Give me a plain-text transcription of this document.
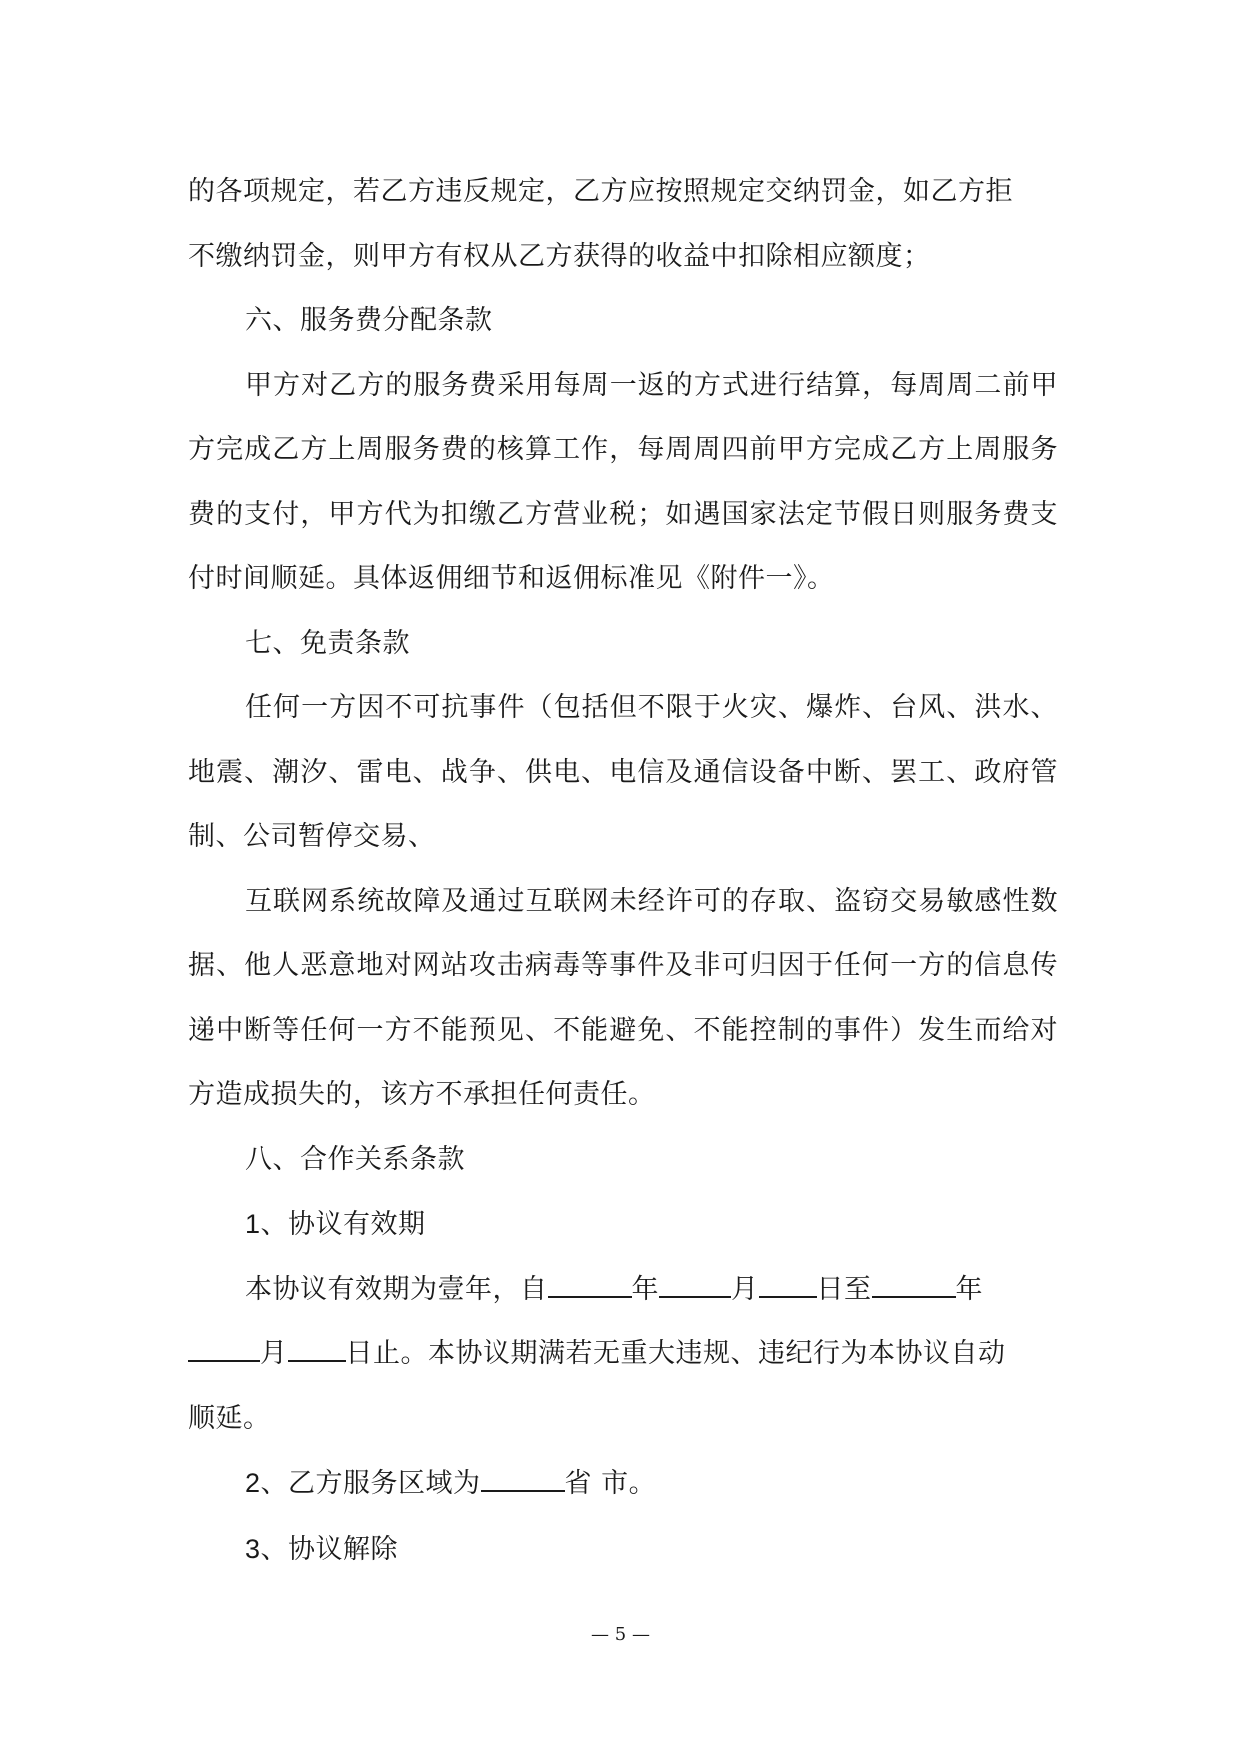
的各项规定，若乙方违反规定，乙方应按照规定交纳罚金，如乙方拒
不缴纳罚金，则甲方有权从乙方获得的收益中扣除相应额度；

六、服务费分配条款

甲方对乙方的服务费采用每周一返的方式进行结算，每周周二前甲方完成乙方上周服务费的核算工作，每周周四前甲方完成乙方上周服务费的支付，甲方代为扣缴乙方营业税；如遇国家法定节假日则服务费支付时间顺延。具体返佣细节和返佣标准见《附件一》。

七、免责条款

任何一方因不可抗事件（包括但不限于火灾、爆炸、台风、洪水、地震、潮汐、雷电、战争、供电、电信及通信设备中断、罢工、政府管制、公司暂停交易、

互联网系统故障及通过互联网未经许可的存取、盗窃交易敏感性数据、他人恶意地对网站攻击病毒等事件及非可归因于任何一方的信息传递中断等任何一方不能预见、不能避免、不能控制的事件）发生而给对方造成损失的，该方不承担任何责任。

八、合作关系条款

1、协议有效期

本协议有效期为壹年，自	年	月 日至	年
月 日止。本协议期满若无重大违规、违纪行为本协议自动
顺延。

2、乙方服务区域为	省 市。

3、协议解除

— 5 —
